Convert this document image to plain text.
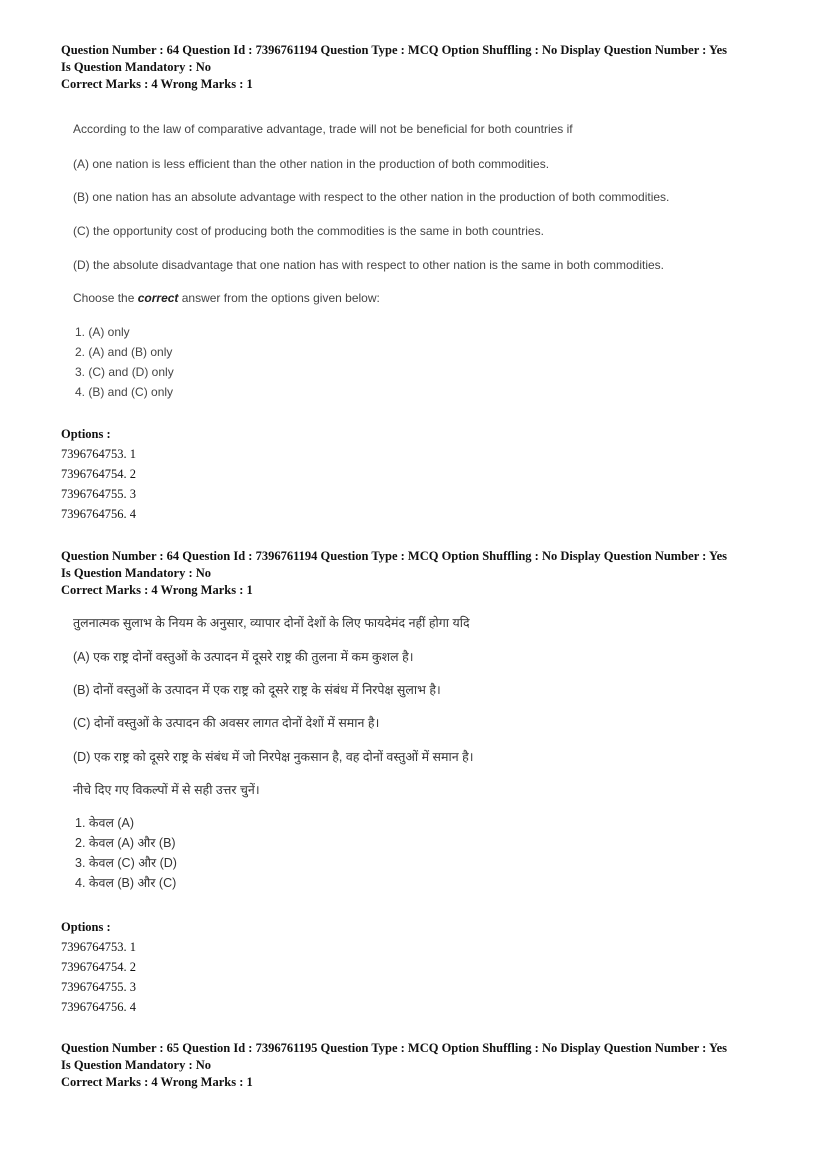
Question Number : 64 Question Id : 7396761194 Question Type : MCQ Option Shuffling : No Display Question Number : Yes
Is Question Mandatory : No
Correct Marks : 4 Wrong Marks : 1
According to the law of comparative advantage, trade will not be beneficial for both countries if
(A) one nation is less efficient than the other nation in the production of both commodities.
(B) one nation has an absolute advantage with respect to the other nation in the production of both commodities.
(C) the opportunity cost of producing both the commodities is the same in both countries.
(D) the absolute disadvantage that one nation has with respect to other nation is the same in both commodities.
Choose the correct answer from the options given below:
1. (A) only
2. (A) and (B) only
3. (C) and (D) only
4. (B) and (C) only
Options :
7396764753. 1
7396764754. 2
7396764755. 3
7396764756. 4
Question Number : 64 Question Id : 7396761194 Question Type : MCQ Option Shuffling : No Display Question Number : Yes
Is Question Mandatory : No
Correct Marks : 4 Wrong Marks : 1
तुलनात्मक सुलाभ के नियम के अनुसार, व्यापार दोनों देशों के लिए फायदेमंद नहीं होगा यदि
(A) एक राष्ट्र दोनों वस्तुओं के उत्पादन में दूसरे राष्ट्र की तुलना में कम कुशल है।
(B) दोनों वस्तुओं के उत्पादन में एक राष्ट्र को दूसरे राष्ट्र के संबंध में निरपेक्ष सुलाभ है।
(C) दोनों वस्तुओं के उत्पादन की अवसर लागत दोनों देशों में समान है।
(D) एक राष्ट्र को दूसरे राष्ट्र के संबंध में जो निरपेक्ष नुकसान है, वह दोनों वस्तुओं में समान है।
नीचे दिए गए विकल्पों में से सही उत्तर चुनें।
1. केवल (A)
2. केवल (A) और (B)
3. केवल (C) और (D)
4. केवल (B) और (C)
Options :
7396764753. 1
7396764754. 2
7396764755. 3
7396764756. 4
Question Number : 65 Question Id : 7396761195 Question Type : MCQ Option Shuffling : No Display Question Number : Yes
Is Question Mandatory : No
Correct Marks : 4 Wrong Marks : 1
